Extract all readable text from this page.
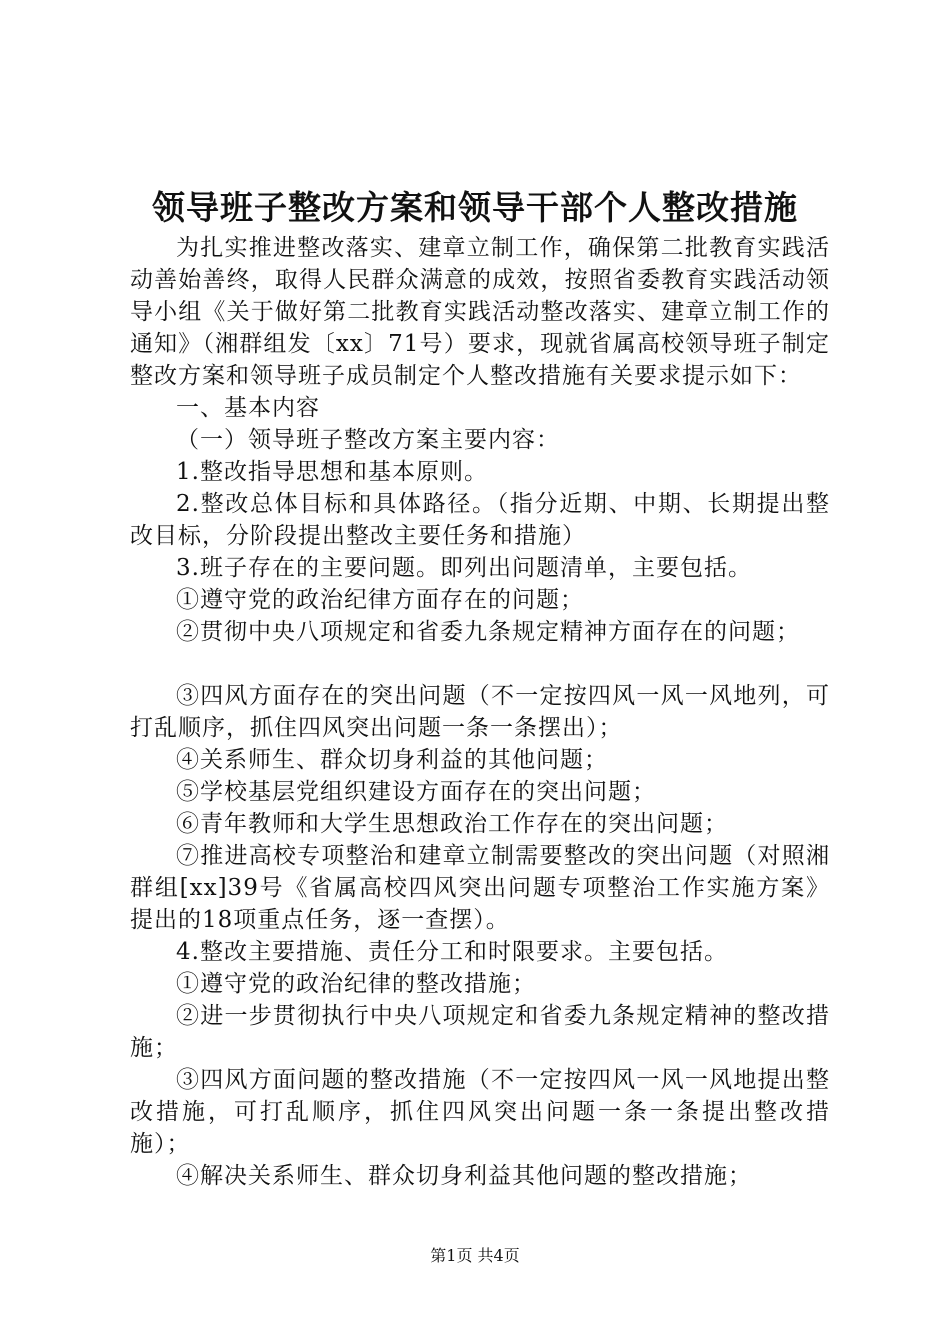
领导班子整改方案和领导干部个人整改措施

为扎实推进整改落实、建章立制工作，确保第二批教育实践活动善始善终，取得人民群众满意的成效，按照省委教育实践活动领导小组《关于做好第二批教育实践活动整改落实、建章立制工作的通知》（湘群组发〔xx〕71号）要求，现就省属高校领导班子制定整改方案和领导班子成员制定个人整改措施有关要求提示如下：

一、基本内容

（一）领导班子整改方案主要内容：

1.整改指导思想和基本原则。

2.整改总体目标和具体路径。（指分近期、中期、长期提出整改目标，分阶段提出整改主要任务和措施）

3.班子存在的主要问题。即列出问题清单，主要包括。

①遵守党的政治纪律方面存在的问题；

②贯彻中央八项规定和省委九条规定精神方面存在的问题；

③四风方面存在的突出问题（不一定按四风一风一风地列，可打乱顺序，抓住四风突出问题一条一条摆出）；

④关系师生、群众切身利益的其他问题；

⑤学校基层党组织建设方面存在的突出问题；

⑥青年教师和大学生思想政治工作存在的突出问题；

⑦推进高校专项整治和建章立制需要整改的突出问题（对照湘群组[xx]39号《省属高校四风突出问题专项整治工作实施方案》提出的18项重点任务，逐一查摆）。

4.整改主要措施、责任分工和时限要求。主要包括。

①遵守党的政治纪律的整改措施；

②进一步贯彻执行中央八项规定和省委九条规定精神的整改措施；

③四风方面问题的整改措施（不一定按四风一风一风地提出整改措施，可打乱顺序，抓住四风突出问题一条一条提出整改措施）；

④解决关系师生、群众切身利益其他问题的整改措施；

第1页 共4页
